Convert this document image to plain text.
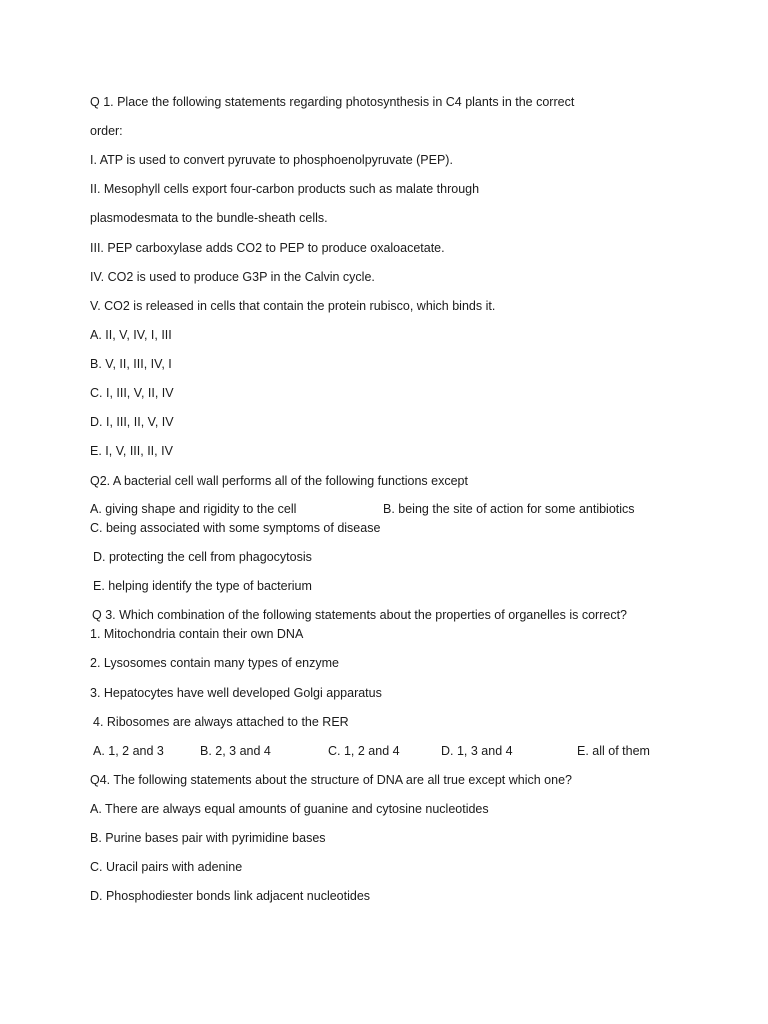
Q 1. Place the following statements regarding photosynthesis in C4 plants in the correct
order:
I. ATP is used to convert pyruvate to phosphoenolpyruvate (PEP).
II. Mesophyll cells export four-carbon products such as malate through
plasmodesmata to the bundle-sheath cells.
III. PEP carboxylase adds CO2 to PEP to produce oxaloacetate.
IV. CO2 is used to produce G3P in the Calvin cycle.
V. CO2 is released in cells that contain the protein rubisco, which binds it.
A. II, V, IV, I, III
B. V, II, III, IV, I
C. I, III, V, II, IV
D. I, III, II, V, IV
E. I, V, III, II, IV
Q2. A bacterial cell wall performs all of the following functions except
A. giving shape and rigidity to the cell	B. being the site of action for some antibiotics
C. being associated with some symptoms of disease
D. protecting the cell from phagocytosis
E. helping identify the type of bacterium
Q 3. Which combination of the following statements about the properties of organelles is correct?
1. Mitochondria contain their own DNA
2. Lysosomes contain many types of enzyme
3. Hepatocytes have well developed Golgi apparatus
4. Ribosomes are always attached to the RER
A. 1, 2 and 3	B. 2, 3 and 4	C. 1, 2 and 4	D. 1, 3 and 4	E. all of them
Q4. The following statements about the structure of DNA are all true except which one?
A. There are always equal amounts of guanine and cytosine nucleotides
B. Purine bases pair with pyrimidine bases
C. Uracil pairs with adenine
D. Phosphodiester bonds link adjacent nucleotides
